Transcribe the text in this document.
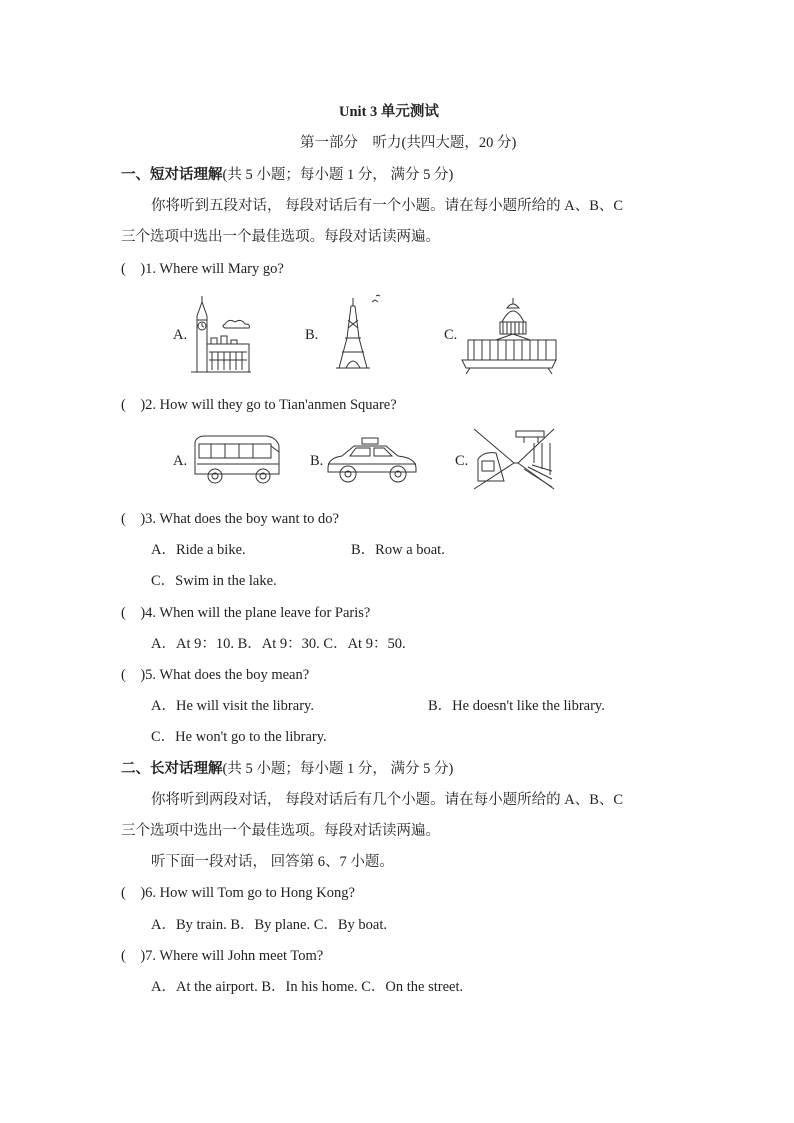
Unit 3 单元测试
第一部分　听力(共四大题，20 分)
一、短对话理解(共 5 小题；每小题 1 分， 满分 5 分)
你将听到五段对话， 每段对话后有一个小题。请在每小题所给的 A、B、C
三个选项中选出一个最佳选项。每段对话读两遍。
(　)1. Where will Mary go?
A.	B.	C.
(　)2. How will they go to Tian'anmen Square?
A.	B.	C.
(　)3. What does the boy want to do?
A．Ride a bike.	B．Row a boat.
C．Swim in the lake.
(　)4. When will the plane leave for Paris?
A．At 9：10. B．At 9：30. C．At 9：50.
(　)5. What does the boy mean?
A．He will visit the library.	B．He doesn't like the library.
C．He won't go to the library.
二、长对话理解(共 5 小题；每小题 1 分， 满分 5 分)
你将听到两段对话， 每段对话后有几个小题。请在每小题所给的 A、B、C
三个选项中选出一个最佳选项。每段对话读两遍。
听下面一段对话， 回答第 6、7 小题。
(　)6. How will Tom go to Hong Kong?
A．By train. B．By plane. C．By boat.
(　)7. Where will John meet Tom?
A．At the airport. B．In his home. C．On the street.
